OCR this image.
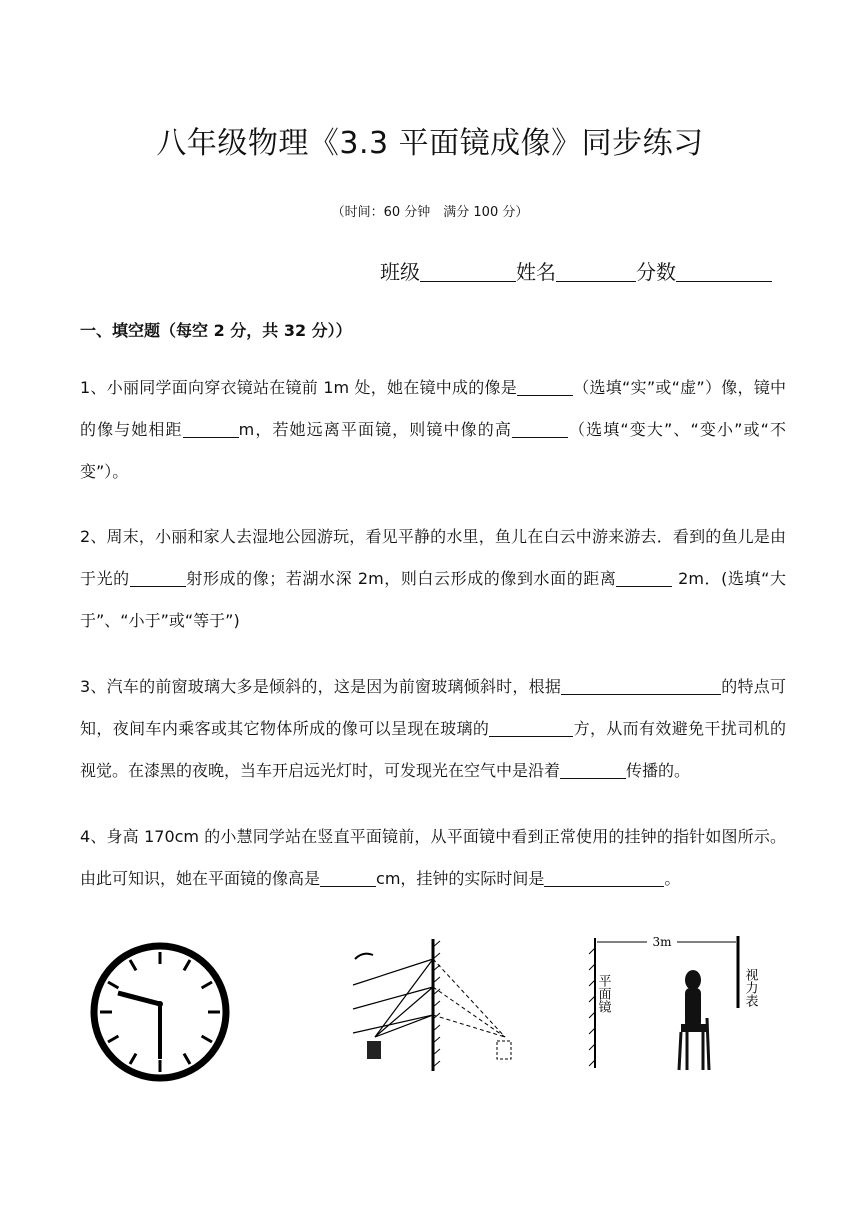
八年级物理《3.3 平面镜成像》同步练习
（时间：60 分钟　满分 100 分）
班级	姓名	分数
一、填空题（每空 2 分，共 32 分））
1、小丽同学面向穿衣镜站在镜前 1m 处，她在镜中成的像是	（选填“实”或“虚”）像，镜中的像与她相距	m，若她远离平面镜，则镜中像的高	（选填“变大”、“变小”或“不变”）。
2、周末，小丽和家人去湿地公园游玩，看见平静的水里，鱼儿在白云中游来游去．看到的鱼儿是由于光的	射形成的像；若湖水深 2m，则白云形成的像到水面的距离	2m．(选填“大于”、“小于”或“等于”)
3、汽车的前窗玻璃大多是倾斜的，这是因为前窗玻璃倾斜时，根据	的特点可知，夜间车内乘客或其它物体所成的像可以呈现在玻璃的	方，从而有效避免干扰司机的视觉。在漆黑的夜晚，当车开启远光灯时，可发现光在空气中是沿着	传播的。
4、身高 170cm 的小慧同学站在竖直平面镜前，从平面镜中看到正常使用的挂钟的指针如图所示。由此可知识，她在平面镜的像高是	cm，挂钟的实际时间是	。
3m
平面镜	视力表
